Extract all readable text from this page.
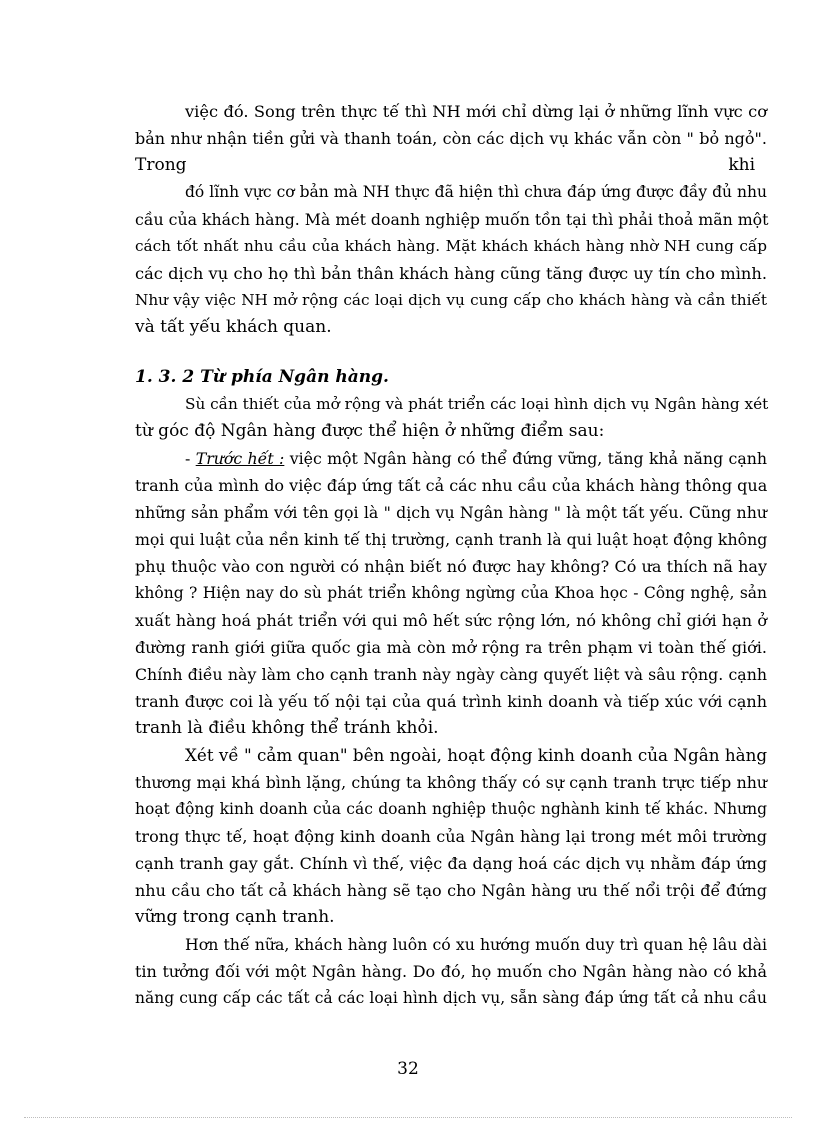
việc đó. Song trên thực tế thì NH mới chỉ dừng lại ở những lĩnh vực cơ
bản như nhận tiền gửi và thanh toán, còn các dịch vụ khác vẫn còn " bỏ ngỏ".
Trong	khi
đó lĩnh vực cơ bản mà NH thực đã hiện thì chưa đáp ứng được đầy đủ nhu
cầu của khách hàng. Mà mét doanh nghiệp muốn tồn tại thì phải thoả mãn một
cách tốt nhất nhu cầu của khách hàng. Mặt khách khách hàng nhờ NH cung cấp
các dịch vụ cho họ thì bản thân khách hàng cũng tăng được uy tín cho mình.
Như vậy việc NH mở rộng các loại dịch vụ cung cấp cho khách hàng và cần thiết
và tất yếu khách quan.
1. 3. 2 Từ phía Ngân hàng.
Sù cần thiết của mở rộng và phát triển các loại hình dịch vụ Ngân hàng xét
từ góc độ Ngân hàng được thể hiện ở những điểm sau:
- Trước hết : việc một Ngân hàng có thể đứng vững, tăng khả năng cạnh
tranh của mình do việc đáp ứng tất cả các nhu cầu của khách hàng thông qua
những sản phẩm với tên gọi là " dịch vụ Ngân hàng " là một tất yếu. Cũng như
mọi qui luật của nền kinh tế thị trường, cạnh tranh là qui luật hoạt động không
phụ thuộc vào con người có nhận biết nó được hay không? Có ưa thích nã hay
không ? Hiện nay do sù phát triển không ngừng của Khoa học - Công nghệ, sản
xuất hàng hoá phát triển với qui mô hết sức rộng lớn, nó không chỉ giới hạn ở
đường ranh giới giữa quốc gia mà còn mở rộng ra trên phạm vi toàn thế giới.
Chính điều này làm cho cạnh tranh này ngày càng quyết liệt và sâu rộng. cạnh
tranh được coi là yếu tố nội tại của quá trình kinh doanh và tiếp xúc với cạnh
tranh là điều không thể tránh khỏi.
Xét về " cảm quan" bên ngoài, hoạt động kinh doanh của Ngân hàng
thương mại khá bình lặng, chúng ta không thấy có sự cạnh tranh trực tiếp như
hoạt động kinh doanh của các doanh nghiệp thuộc nghành kinh tế khác. Nhưng
trong thực tế, hoạt động kinh doanh của Ngân hàng lại trong mét môi trường
cạnh tranh gay gắt. Chính vì thế, việc đa dạng hoá các dịch vụ nhằm đáp ứng
nhu cầu cho tất cả khách hàng sẽ tạo cho Ngân hàng ưu thế nổi trội để đứng
vững trong cạnh tranh.
Hơn thế nữa, khách hàng luôn có xu hướng muốn duy trì quan hệ lâu dài
tin tưởng đối với một Ngân hàng. Do đó, họ muốn cho Ngân hàng nào có khả
năng cung cấp các tất cả các loại hình dịch vụ, sẵn sàng đáp ứng tất cả nhu cầu
32
